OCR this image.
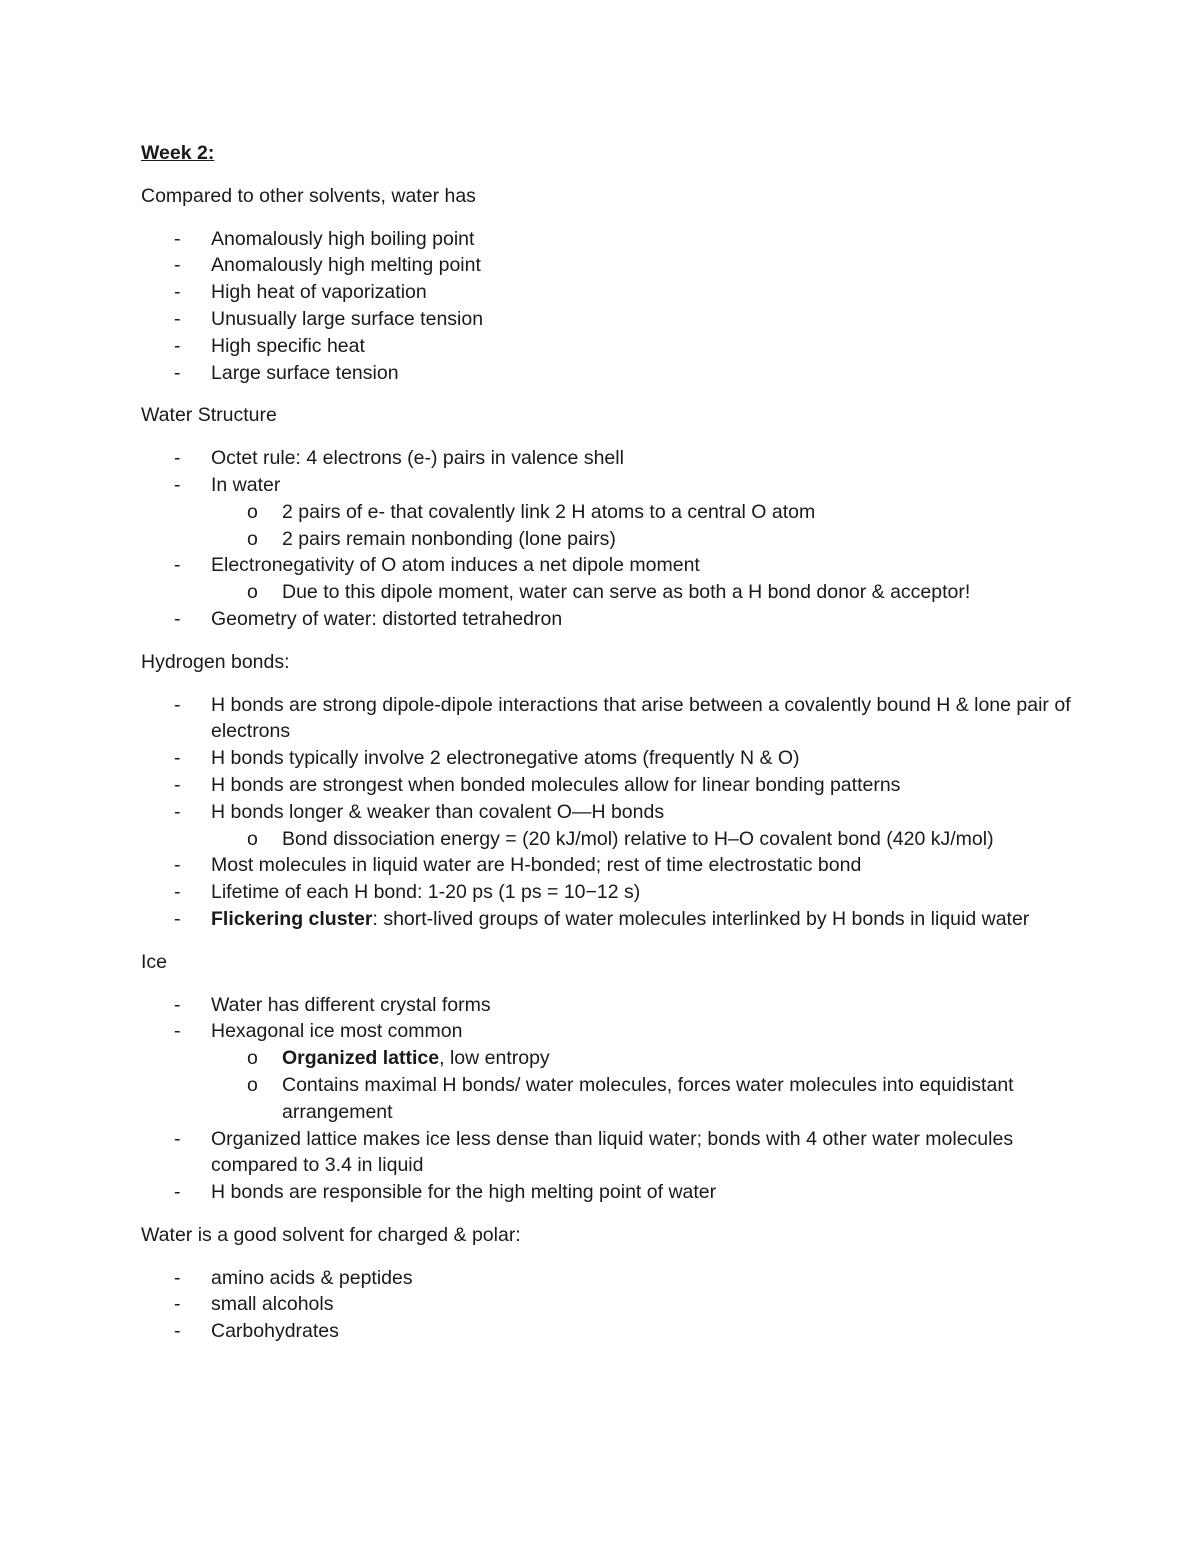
Week 2:
Compared to other solvents, water has
- Anomalously high boiling point
- Anomalously high melting point
- High heat of vaporization
- Unusually large surface tension
- High specific heat
- Large surface tension
Water Structure
- Octet rule: 4 electrons (e-) pairs in valence shell
- In water
o 2 pairs of e- that covalently link 2 H atoms to a central O atom
o 2 pairs remain nonbonding (lone pairs)
- Electronegativity of O atom induces a net dipole moment
o Due to this dipole moment, water can serve as both a H bond donor & acceptor!
- Geometry of water: distorted tetrahedron
Hydrogen bonds:
- H bonds are strong dipole-dipole interactions that arise between a covalently bound H & lone pair of electrons
- H bonds typically involve 2 electronegative atoms (frequently N & O)
- H bonds are strongest when bonded molecules allow for linear bonding patterns
- H bonds longer & weaker than covalent O—H bonds
o Bond dissociation energy = (20 kJ/mol) relative to H–O covalent bond (420 kJ/mol)
- Most molecules in liquid water are H-bonded; rest of time electrostatic bond
- Lifetime of each H bond: 1-20 ps (1 ps = 10−12 s)
- Flickering cluster: short-lived groups of water molecules interlinked by H bonds in liquid water
Ice
- Water has different crystal forms
- Hexagonal ice most common
o Organized lattice, low entropy
o Contains maximal H bonds/ water molecules, forces water molecules into equidistant arrangement
- Organized lattice makes ice less dense than liquid water; bonds with 4 other water molecules compared to 3.4 in liquid
- H bonds are responsible for the high melting point of water
Water is a good solvent for charged & polar:
- amino acids & peptides
- small alcohols
- Carbohydrates
